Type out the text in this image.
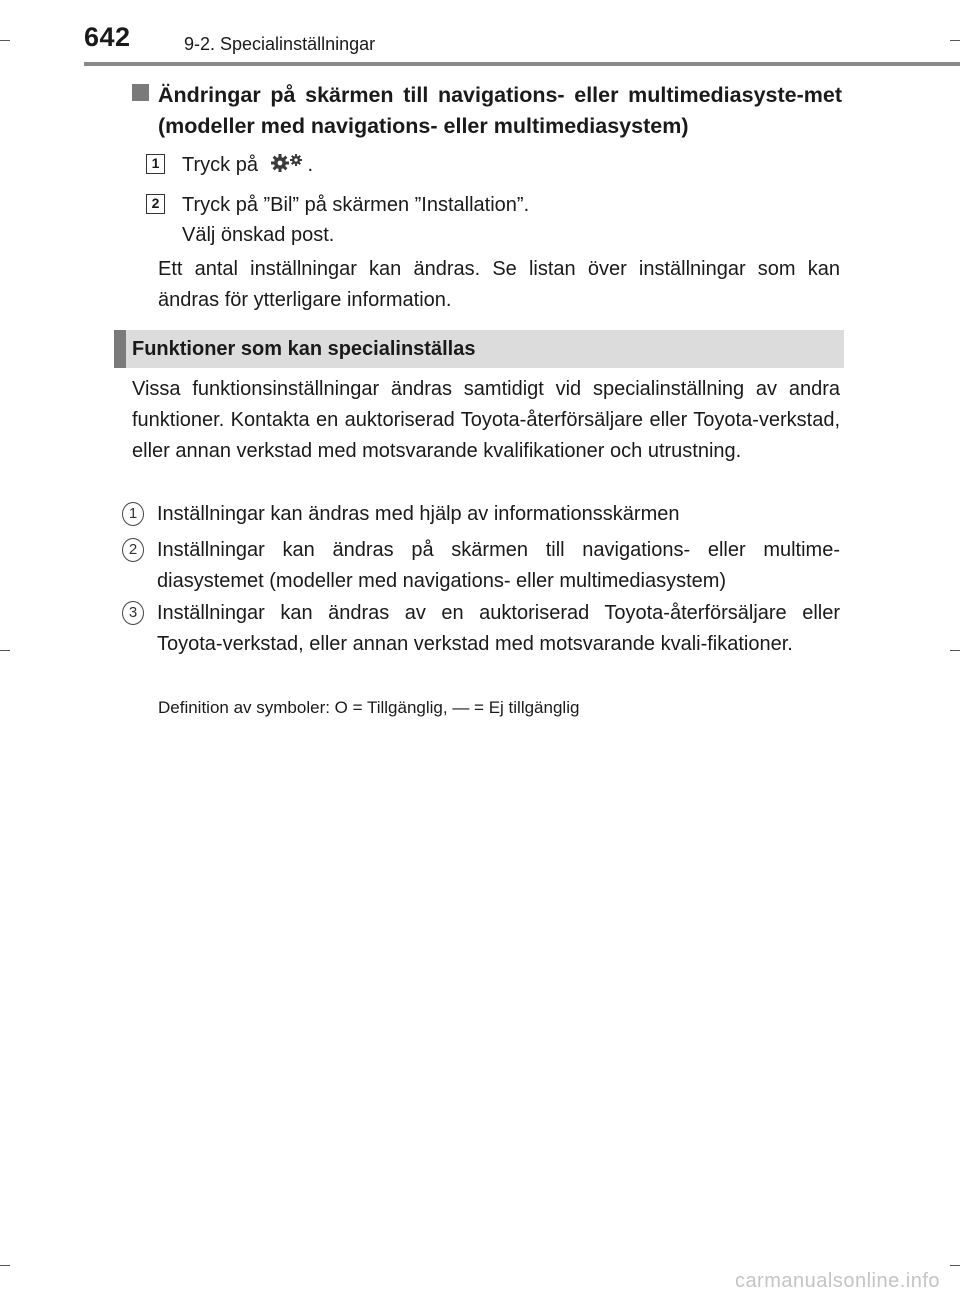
642	9-2. Specialinställningar
Ändringar på skärmen till navigations- eller multimediasyste-met (modeller med navigations- eller multimediasystem)
1 Tryck på .
2 Tryck på ”Bil” på skärmen ”Installation”.
Välj önskad post.
Ett antal inställningar kan ändras. Se listan över inställningar som kan ändras för ytterligare information.
Funktioner som kan specialinställas
Vissa funktionsinställningar ändras samtidigt vid specialinställning av andra funktioner. Kontakta en auktoriserad Toyota-återförsäljare eller Toyota-verkstad, eller annan verkstad med motsvarande kvalifikationer och utrustning.
1 Inställningar kan ändras med hjälp av informationsskärmen
2 Inställningar kan ändras på skärmen till navigations- eller multime-diasystemet (modeller med navigations- eller multimediasystem)
3 Inställningar kan ändras av en auktoriserad Toyota-återförsäljare eller Toyota-verkstad, eller annan verkstad med motsvarande kvali-fikationer.
Definition av symboler: O = Tillgänglig, — = Ej tillgänglig
carmanualsonline.info
